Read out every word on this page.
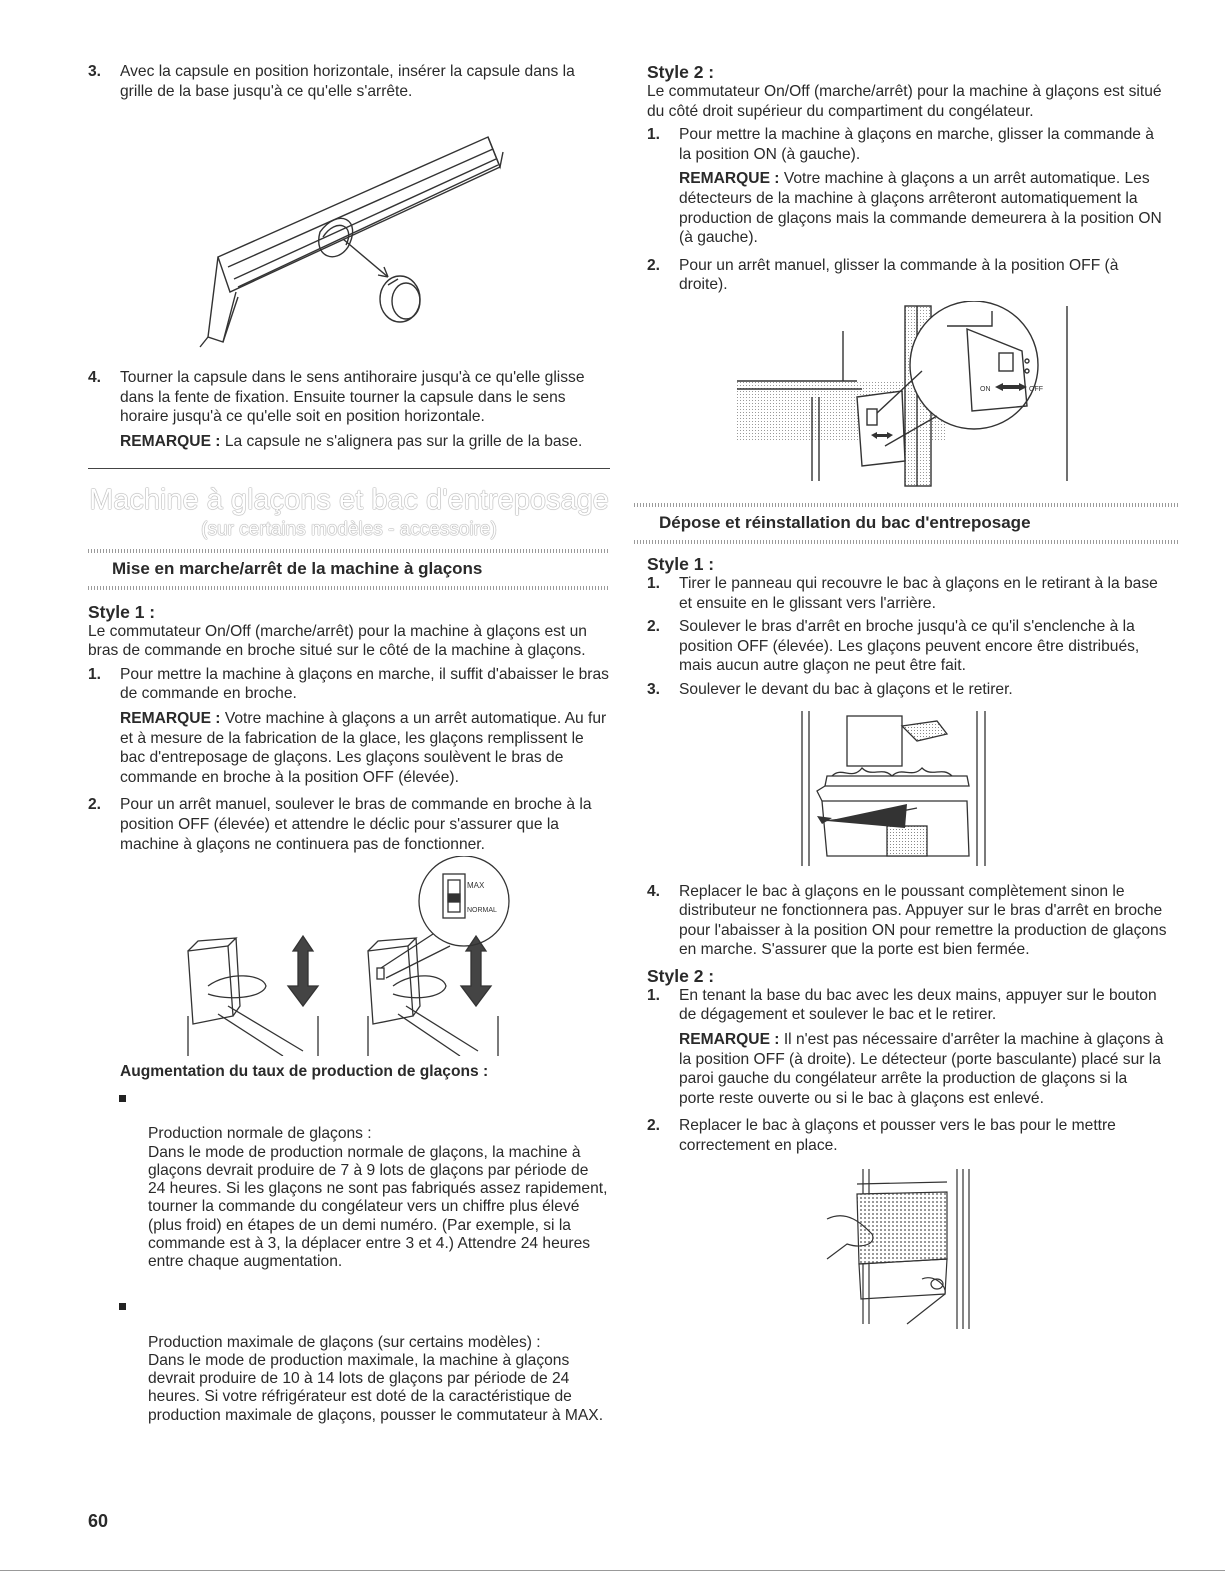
3. Avec la capsule en position horizontale, insérer la capsule dans la grille de la base jusqu'à ce qu'elle s'arrête.

4. Tourner la capsule dans le sens antihoraire jusqu'à ce qu'elle glisse dans la fente de fixation. Ensuite tourner la capsule dans le sens horaire jusqu'à ce qu'elle soit en position horizontale.

REMARQUE : La capsule ne s'alignera pas sur la grille de la base.

Machine à glaçons et bac d'entreposage
(sur certains modèles - accessoire)
Mise en marche/arrêt de la machine à glaçons
Style 1 :

Le commutateur On/Off (marche/arrêt) pour la machine à glaçons est un bras de commande en broche situé sur le côté de la machine à glaçons.

1. Pour mettre la machine à glaçons en marche, il suffit d'abaisser le bras de commande en broche.

REMARQUE : Votre machine à glaçons a un arrêt automatique. Au fur et à mesure de la fabrication de la glace, les glaçons remplissent le bac d'entreposage de glaçons. Les glaçons soulèvent le bras de commande en broche à la position OFF (élevée).

2. Pour un arrêt manuel, soulever le bras de commande en broche à la position OFF (élevée) et attendre le déclic pour s'assurer que la machine à glaçons ne continuera pas de fonctionner.

MAX
NORMAL
Augmentation du taux de production de glaçons :

Production normale de glaçons :
Dans le mode de production normale de glaçons, la machine à glaçons devrait produire de 7 à 9 lots de glaçons par période de 24 heures. Si les glaçons ne sont pas fabriqués assez rapidement, tourner la commande du congélateur vers un chiffre plus élevé (plus froid) en étapes de un demi numéro. (Par exemple, si la commande est à 3, la déplacer entre 3 et 4.) Attendre 24 heures entre chaque augmentation.

Production maximale de glaçons (sur certains modèles) :
Dans le mode de production maximale, la machine à glaçons devrait produire de 10 à 14 lots de glaçons par période de 24 heures. Si votre réfrigérateur est doté de la caractéristique de production maximale de glaçons, pousser le commutateur à MAX.

Style 2 :

Le commutateur On/Off (marche/arrêt) pour la machine à glaçons est situé du côté droit supérieur du compartiment du congélateur.

1. Pour mettre la machine à glaçons en marche, glisser la commande à la position ON (à gauche).

REMARQUE : Votre machine à glaçons a un arrêt automatique. Les détecteurs de la machine à glaçons arrêteront automatiquement la production de glaçons mais la commande demeurera à la position ON (à gauche).

2. Pour un arrêt manuel, glisser la commande à la position OFF (à droite).

ON	OFF
Dépose et réinstallation du bac d'entreposage
Style 1 :
1. Tirer le panneau qui recouvre le bac à glaçons en le retirant à la base et ensuite en le glissant vers l'arrière.

2. Soulever le bras d'arrêt en broche jusqu'à ce qu'il s'enclenche à la position OFF (élevée). Les glaçons peuvent encore être distribués, mais aucun autre glaçon ne peut être fait.

3. Soulever le devant du bac à glaçons et le retirer.

4. Replacer le bac à glaçons en le poussant complètement sinon le distributeur ne fonctionnera pas. Appuyer sur le bras d'arrêt en broche pour l'abaisser à la position ON pour remettre la production de glaçons en marche. S'assurer que la porte est bien fermée.

Style 2 :
1. En tenant la base du bac avec les deux mains, appuyer sur le bouton de dégagement et soulever le bac et le retirer.

REMARQUE : Il n'est pas nécessaire d'arrêter la machine à glaçons à la position OFF (à droite). Le détecteur (porte basculante) placé sur la paroi gauche du congélateur arrête la production de glaçons si la porte reste ouverte ou si le bac à glaçons est enlevé.

2. Replacer le bac à glaçons et pousser vers le bas pour le mettre correctement en place.

60
